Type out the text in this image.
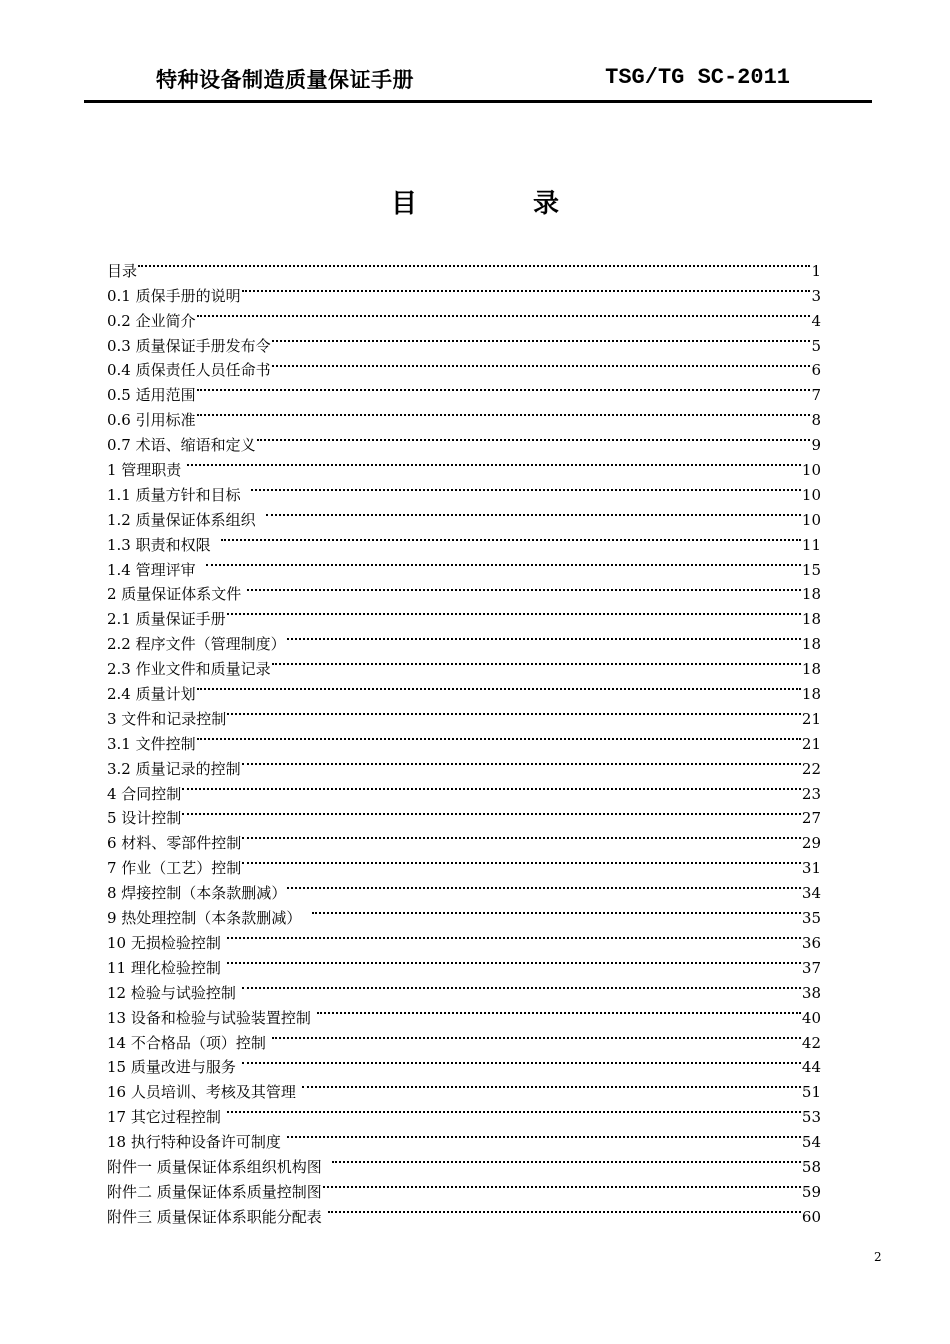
特种设备制造质量保证手册	TSG/TG SC-2011
目	录
目录	1
0.1 质保手册的说明	3
0.2 企业简介	4
0.3 质量保证手册发布令	5
0.4 质保责任人员任命书	6
0.5 适用范围	7
0.6 引用标准	8
0.7 术语、缩语和定义	9
1 管理职责	10
1.1 质量方针和目标	10
1.2 质量保证体系组织	10
1.3 职责和权限	11
1.4 管理评审	15
2 质量保证体系文件	18
2.1 质量保证手册	18
2.2 程序文件（管理制度）	18
2.3 作业文件和质量记录	18
2.4 质量计划	18
3 文件和记录控制	21
3.1 文件控制	21
3.2 质量记录的控制	22
4 合同控制	23
5 设计控制	27
6 材料、零部件控制	29
7 作业（工艺）控制	31
8 焊接控制（本条款删减）	34
9 热处理控制（本条款删减）	35
10 无损检验控制	36
11 理化检验控制	37
12 检验与试验控制	38
13 设备和检验与试验装置控制	40
14 不合格品（项）控制	42
15 质量改进与服务	44
16 人员培训、考核及其管理	51
17 其它过程控制	53
18 执行特种设备许可制度	54
附件一 质量保证体系组织机构图	58
附件二 质量保证体系质量控制图	59
附件三 质量保证体系职能分配表	60
2
